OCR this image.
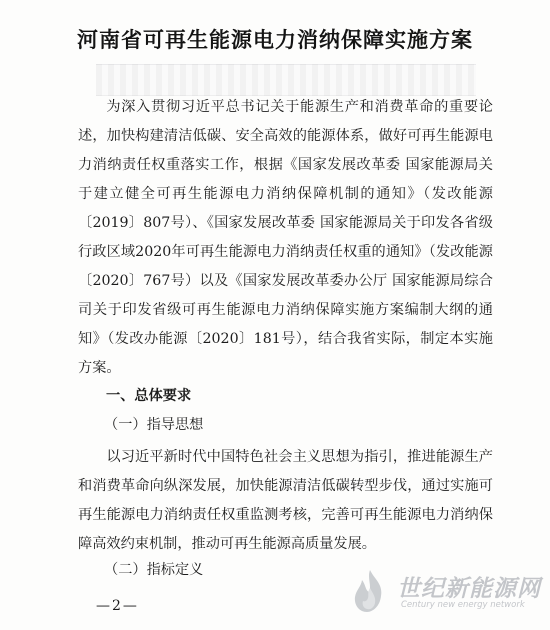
河南省可再生能源电力消纳保障实施方案

为深入贯彻习近平总书记关于能源生产和消费革命的重要论述，加快构建清洁低碳、安全高效的能源体系，做好可再生能源电力消纳责任权重落实工作，根据《国家发展改革委 国家能源局关于建立健全可再生能源电力消纳保障机制的通知》（发改能源〔2019〕807号）、《国家发展改革委 国家能源局关于印发各省级行政区域2020年可再生能源电力消纳责任权重的通知》（发改能源〔2020〕767号）以及《国家发展改革委办公厅 国家能源局综合司关于印发省级可再生能源电力消纳保障实施方案编制大纲的通知》（发改办能源〔2020〕181号），结合我省实际，制定本实施方案。

一、总体要求
（一）指导思想

以习近平新时代中国特色社会主义思想为指引，推进能源生产和消费革命向纵深发展，加快能源清洁低碳转型步伐，通过实施可再生能源电力消纳责任权重监测考核，完善可再生能源电力消纳保障高效约束机制，推动可再生能源高质量发展。

（二）指标定义
—2—
世纪新能源网
Century new energy network
